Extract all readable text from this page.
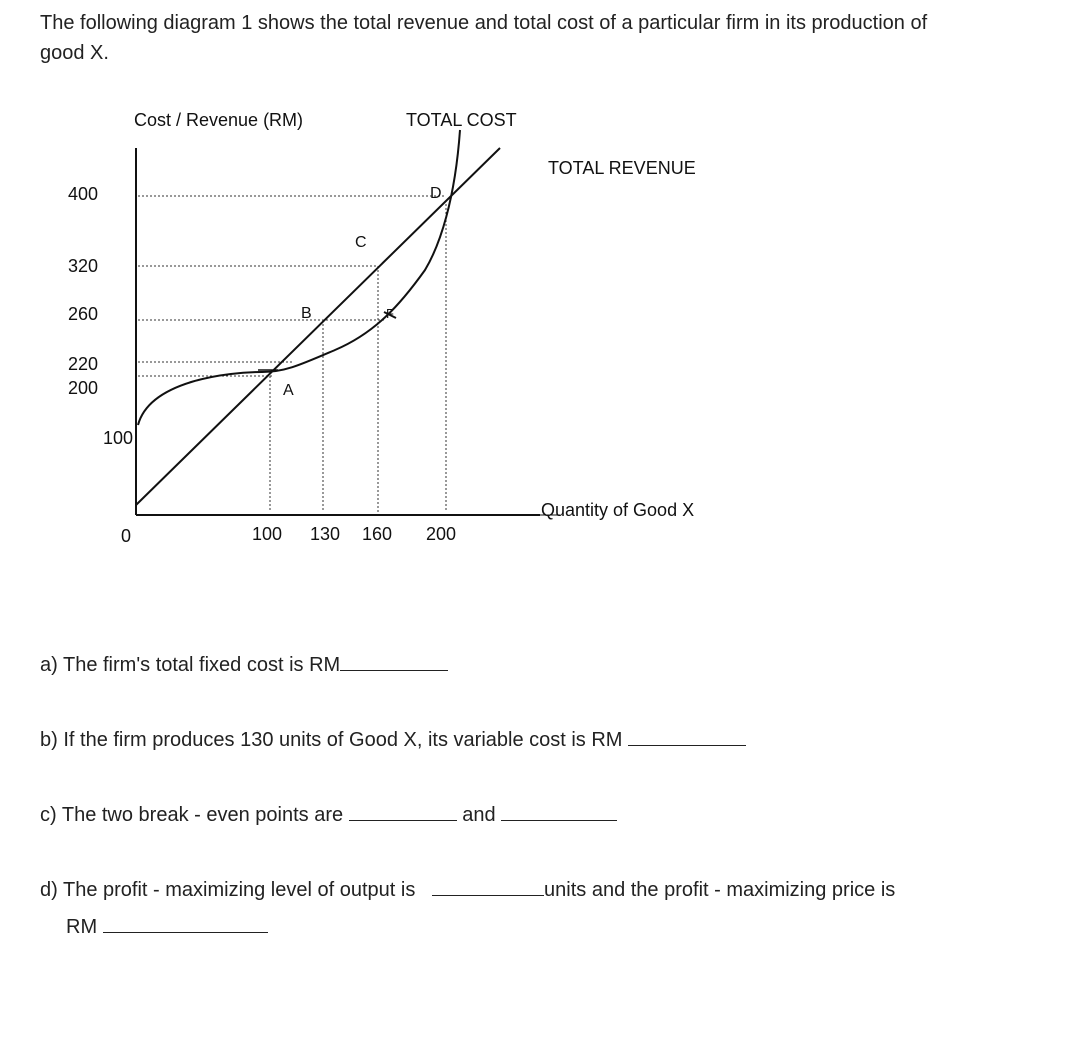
The following diagram 1 shows the total revenue and total cost of a particular firm in its production of
good X.
400
320
260
220
200
100
0	100 130 160 200
Cost / Revenue (RM)	TOTAL COST
TOTAL REVENUE
Quantity of Good X
A
B
C
D
F
a) The firm's total fixed cost is RM
b) If the firm produces 130 units of Good X, its variable cost is RM
c) The two break - even points are	and
d) The profit - maximizing level of output is	units and the profit - maximizing price is
RM
